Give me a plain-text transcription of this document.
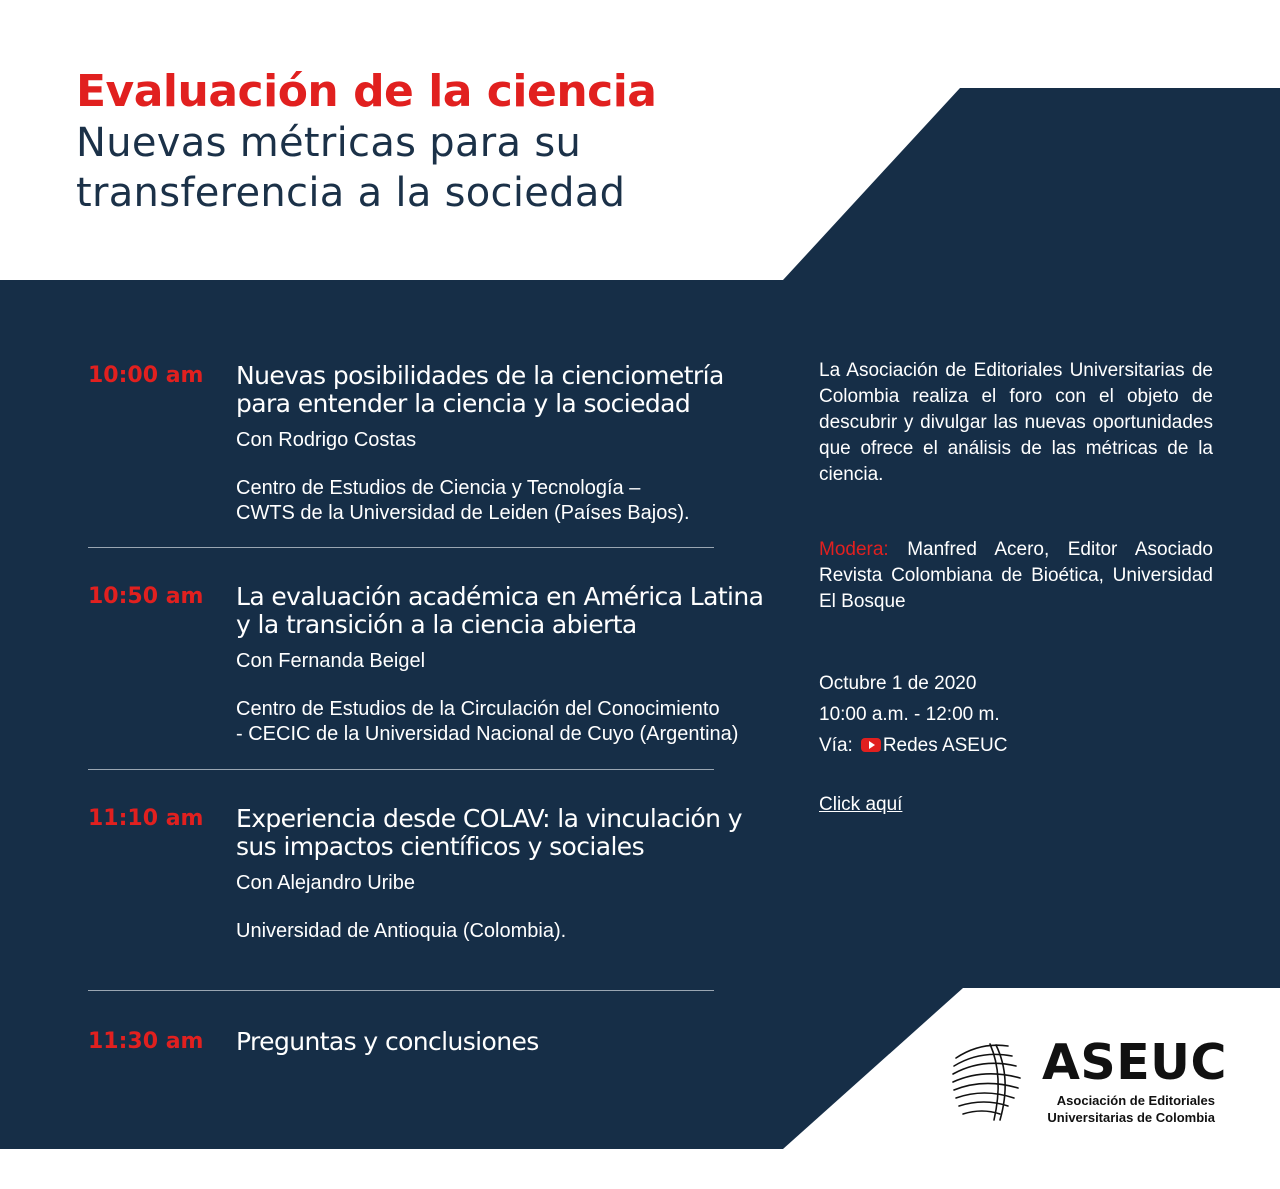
Evaluación de la ciencia
Nuevas métricas para su
transferencia a la sociedad
10:00 am Nuevas posibilidades de la cienciometría para entender la ciencia y la sociedad
Con Rodrigo Costas
Centro de Estudios de Ciencia y Tecnología –
CWTS de la Universidad de Leiden (Países Bajos).
10:50 am La evaluación académica en América Latina y la transición a la ciencia abierta
Con Fernanda Beigel
Centro de Estudios de la Circulación del Conocimiento
- CECIC de la Universidad Nacional de Cuyo (Argentina)
11:10 am Experiencia desde COLAV: la vinculación y sus impactos científicos y sociales
Con Alejandro Uribe
Universidad de Antioquia (Colombia).
11:30 am Preguntas y conclusiones
La Asociación de Editoriales Universitarias de Colombia realiza el foro con el objeto de descubrir y divulgar las nuevas oportunidades que ofrece el análisis de las métricas de la ciencia.
Modera: Manfred Acero, Editor Asociado Revista Colombiana de Bioética, Universidad El Bosque
Octubre 1 de 2020
10:00 a.m. - 12:00 m.
Vía: Redes ASEUC
Click aquí
ASEUC
Asociación de Editoriales
Universitarias de Colombia
